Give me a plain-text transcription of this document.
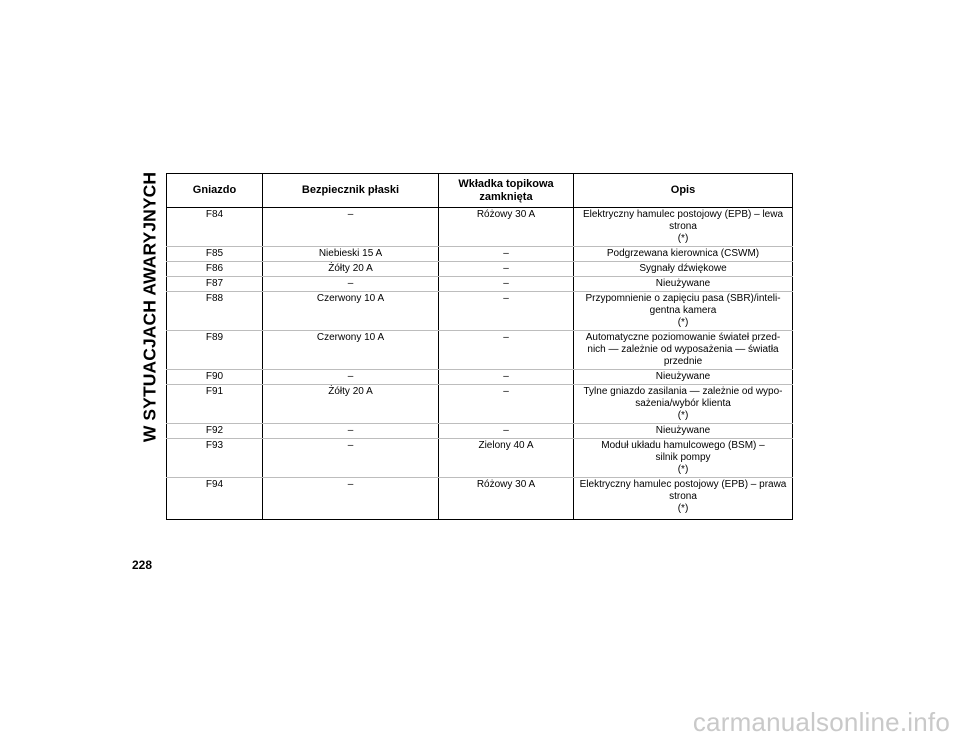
W SYTUACJACH AWARYJNYCH	Gniazdo	Bezpiecznik płaski	Wkładka topikowa
zamknięta	Opis
F84	–	Różowy 30 A	Elektryczny hamulec postojowy (EPB) – lewa
strona
(*)
F85	Niebieski 15 A	–	Podgrzewana kierownica (CSWM)
F86	Żółty 20 A	–	Sygnały dźwiękowe
F87	–	–	Nieużywane
F88	Czerwony 10 A	–	Przypomnienie o zapięciu pasa (SBR)/inteli-
gentna kamera
(*)
F89	Czerwony 10 A	–	Automatyczne poziomowanie świateł przed-
nich — zależnie od wyposażenia — światła
przednie
F90	–	–	Nieużywane
F91	Żółty 20 A	–	Tylne gniazdo zasilania — zależnie od wypo-
sażenia/wybór klienta
(*)
F92	–	–	Nieużywane
F93	–	Zielony 40 A	Moduł układu hamulcowego (BSM) –
silnik pompy
(*)
F94	–	Różowy 30 A	Elektryczny hamulec postojowy (EPB) – prawa
strona
(*)
228
carmanualsonline.info
